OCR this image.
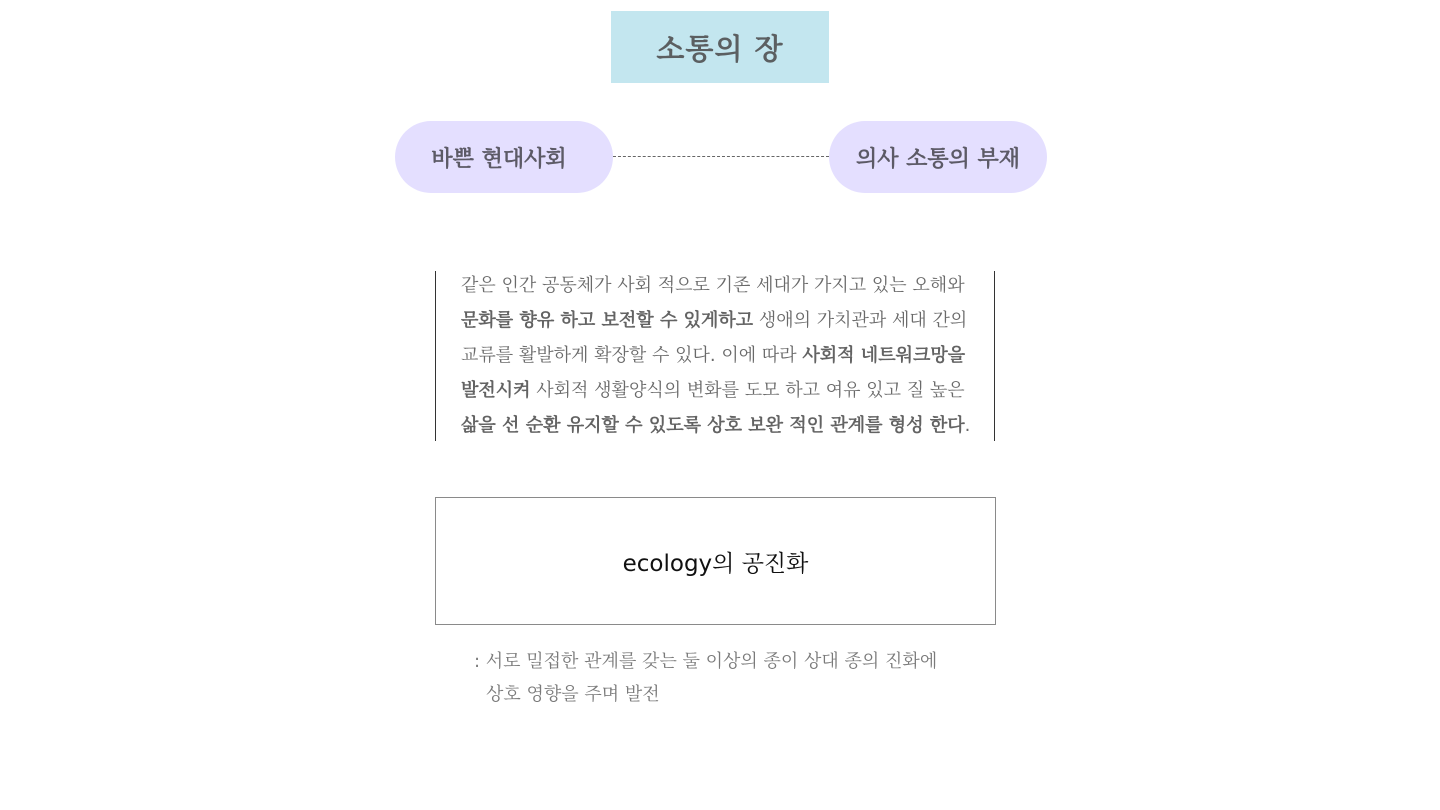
소통의 장
바쁜 현대사회	의사 소통의 부재
같은 인간 공동체가 사회 적으로 기존 세대가 가지고 있는 오해와
문화를 향유 하고 보전할 수 있게하고 생애의 가치관과 세대 간의
교류를 활발하게 확장할 수 있다. 이에 따라 사회적 네트워크망을
발전시켜 사회적 생활양식의 변화를 도모 하고 여유 있고 질 높은
삶을 선 순환 유지할 수 있도록 상호 보완 적인 관계를 형성 한다.
ecology의 공진화
: 서로 밀접한 관계를 갖는 둘 이상의 종이 상대 종의 진화에
상호 영향을 주며 발전
